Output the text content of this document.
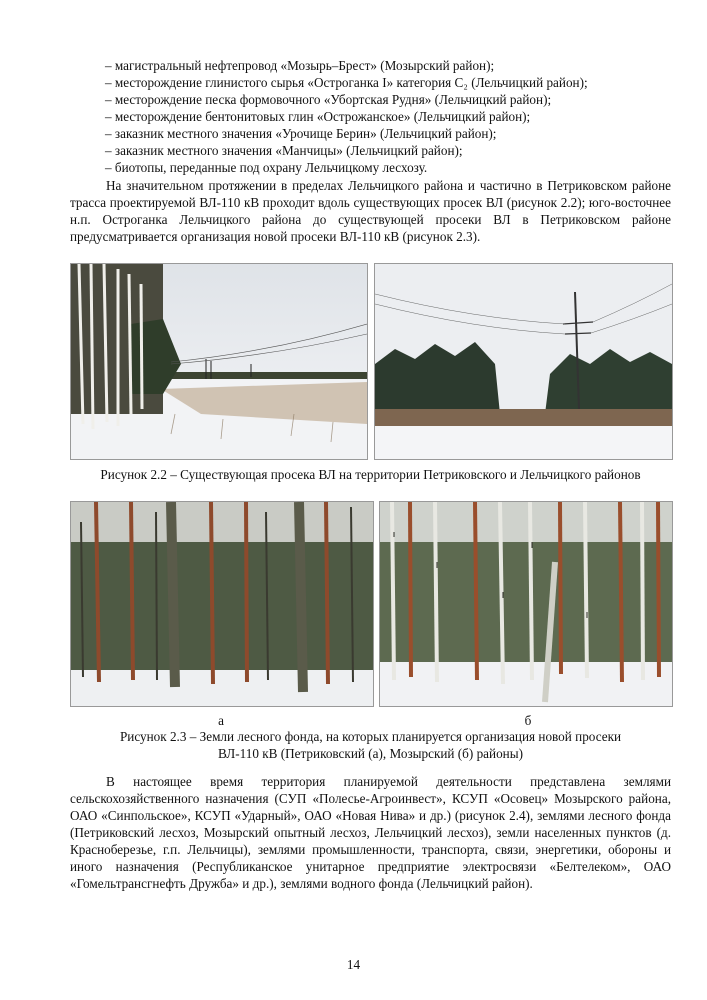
– магистральный нефтепровод «Мозырь–Брест» (Мозырский район);
– месторождение глинистого сырья «Остроганка I» категория C₂ (Лельчицкий район);
– месторождение песка формовочного «Убортская Рудня» (Лельчицкий район);
– месторождение бентонитовых глин «Острожанское» (Лельчицкий район);
– заказник местного значения «Урочище Берин» (Лельчицкий район);
– заказник местного значения «Манчицы» (Лельчицкий район);
– биотопы, переданные под охрану Лельчицкому лесхозу.

На значительном протяжении в пределах Лельчицкого района и частично в Петриковском районе трасса проектируемой ВЛ-110 кВ проходит вдоль существующих просек ВЛ (рисунок 2.2); юго-восточнее н.п. Остроганка Лельчицкого района до существующей просеки ВЛ в Петриковском районе предусматривается организация новой просеки ВЛ-110 кВ (рисунок 2.3).

Рисунок 2.2 – Существующая просека ВЛ на территории Петриковского и Лельчицкого районов
а	б
Рисунок 2.3 – Земли лесного фонда, на которых планируется организация новой просеки
ВЛ-110 кВ (Петриковский (а), Мозырский (б) районы)

В настоящее время территория планируемой деятельности представлена землями сельскохозяйственного назначения (СУП «Полесье-Агроинвест», КСУП «Осовец» Мозырского района, ОАО «Синпольское», КСУП «Ударный», ОАО «Новая Нива» и др.) (рисунок 2.4), землями лесного фонда (Петриковский лесхоз, Мозырский опытный лесхоз, Лельчицкий лесхоз), земли населенных пунктов (д. Красноберезье, г.п. Лельчицы), землями промышленности, транспорта, связи, энергетики, обороны и иного назначения (Республиканское унитарное предприятие электросвязи «Белтелеком», ОАО «Гомельтрансгнефть Дружба» и др.), землями водного фонда (Лельчицкий район).

14
